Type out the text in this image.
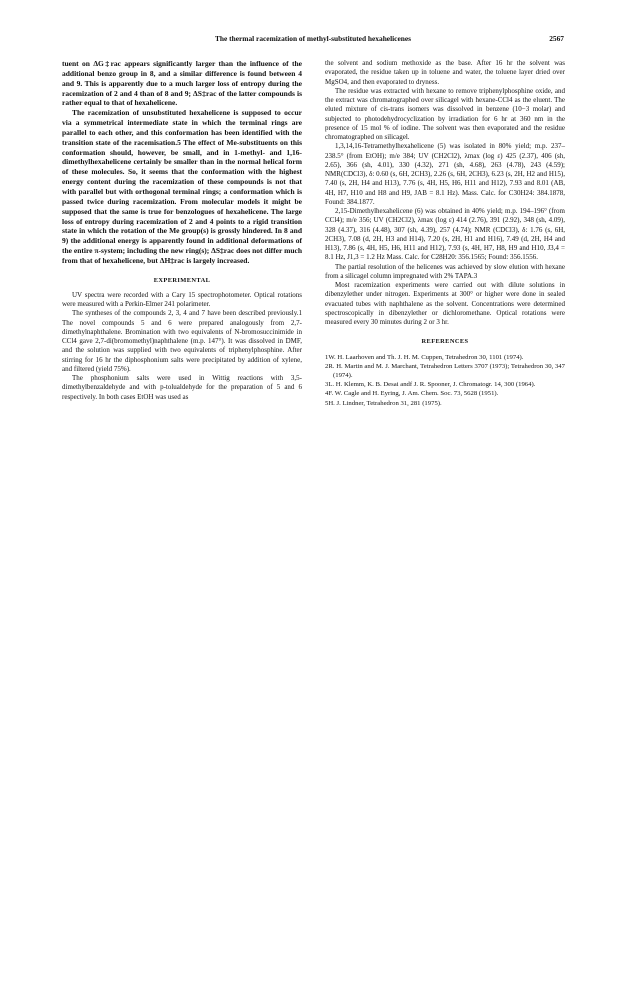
The thermal racemization of methyl-substituted hexahelicenes	2567

tuent on ΔG‡rac appears significantly larger than the influence of the additional benzo group in 8, and a similar difference is found between 4 and 9. This is apparently due to a much larger loss of entropy during the racemization of 2 and 4 than of 8 and 9; ΔS‡rac of the latter compounds is rather equal to that of hexahelicene.

The racemization of unsubstituted hexahelicene is supposed to occur via a symmetrical intermediate state in which the terminal rings are parallel to each other, and this conformation has been identified with the transition state of the racemisation.5 The effect of Me-substituents on this conformation should, however, be small, and in 1-methyl- and 1,16-dimethylhexahelicene certainly be smaller than in the normal helical form of these molecules. So, it seems that the conformation with the highest energy content during the racemization of these compounds is not that with parallel but with orthogonal terminal rings; a conformation which is passed twice during racemization. From molecular models it might be supposed that the same is true for benzologues of hexahelicene. The large loss of entropy during racemization of 2 and 4 points to a rigid transition state in which the rotation of the Me group(s) is grossly hindered. In 8 and 9) the additional energy is apparently found in additional deformations of the entire π-system; including the new ring(s); ΔS‡rac does not differ much from that of hexahelicene, but ΔH‡rac is largely increased.

EXPERIMENTAL

UV spectra were recorded with a Cary 15 spectrophotometer. Optical rotations were measured with a Perkin-Elmer 241 polarimeter.

The syntheses of the compounds 2, 3, 4 and 7 have been described previously.1 The novel compounds 5 and 6 were prepared analogously from 2,7-dimethylnaphthalene. Bromination with two equivalents of N-bromosuccinimide in CCl4 gave 2,7-di(bromomethyl)naphthalene (m.p. 147°). It was dissolved in DMF, and the solution was supplied with two equivalents of triphenylphosphine. After stirring for 16 hr the diphosphonium salts were precipitated by addition of xylene, and filtered (yield 75%).

The phosphonium salts were used in Wittig reactions with 3,5-dimethylbenzaldehyde and with p-tolualdehyde for the preparation of 5 and 6 respectively. In both cases EtOH was used as

the solvent and sodium methoxide as the base. After 16 hr the solvent was evaporated, the residue taken up in toluene and water, the toluene layer dried over MgSO4, and then evaporated to dryness.

The residue was extracted with hexane to remove triphenylphosphine oxide, and the extract was chromatographed over silicagel with hexane-CCl4 as the eluent. The eluted mixture of cis-trans isomers was dissolved in benzene (10−3 molar) and subjected to photodehydrocyclization by irradiation for 6 hr at 360 nm in the presence of 15 mol % of iodine. The solvent was then evaporated and the residue chromatographed on silicagel.

1,3,14,16-Tetramethylhexahelicene (5) was isolated in 80% yield; m.p. 237–238.5° (from EtOH); m/e 384; UV (CH2Cl2), λmax (log ε) 425 (2.37), 406 (sh, 2.65), 366 (sh, 4.01), 330 (4.32), 271 (sh, 4.68), 263 (4.78), 243 (4.59); NMR(CDCl3), δ: 0.60 (s, 6H, 2CH3), 2.26 (s, 6H, 2CH3), 6.23 (s, 2H, H2 and H15), 7.40 (s, 2H, H4 and H13), 7.76 (s, 4H, H5, H6, H11 and H12), 7.93 and 8.01 (AB, 4H, H7, H10 and H8 and H9, JAB = 8.1 Hz). Mass. Calc. for C30H24: 384.1878, Found: 384.1877.

2,15-Dimethylhexahelicene (6) was obtained in 40% yield; m.p. 194–196° (from CCl4); m/e 356; UV (CH2Cl2), λmax (log ε) 414 (2.76), 391 (2.92), 348 (sh, 4.09), 328 (4.37), 316 (4.48), 307 (sh, 4.39), 257 (4.74); NMR (CDCl3), δ: 1.76 (s, 6H, 2CH3), 7.08 (d, 2H, H3 and H14), 7.20 (s, 2H, H1 and H16), 7.49 (d, 2H, H4 and H13), 7.86 (s, 4H, H5, H6, H11 and H12), 7.93 (s, 4H, H7, H8, H9 and H10, J3,4 = 8.1 Hz, J1,3 = 1.2 Hz Mass. Calc. for C28H20: 356.1565; Found: 356.1556.

The partial resolution of the helicenes was achieved by slow elution with hexane from a silicagel column impregnated with 2% TAPA.3

Most racemization experiments were carried out with dilute solutions in dibenzylether under nitrogen. Experiments at 300° or higher were done in sealed evacuated tubes with naphthalene as the solvent. Concentrations were determined spectroscopically in dibenzylether or dichloromethane. Optical rotations were measured every 30 minutes during 2 or 3 hr.

REFERENCES

1W. H. Laarhoven and Th. J. H. M. Cuppen, Tetrahedron 30, 1101 (1974).

2R. H. Martin and M. J. Marchant, Tetrahedron Letters 3707 (1973); Tetrahedron 30, 347 (1974).

3L. H. Klemm, K. B. Desai andf J. R. Spooner, J. Chromatogr. 14, 300 (1964).

4F. W. Cagle and H. Eyring, J. Am. Chem. Soc. 73, 5628 (1951).

5H. J. Lindner, Tetrahedron 31, 281 (1975).
